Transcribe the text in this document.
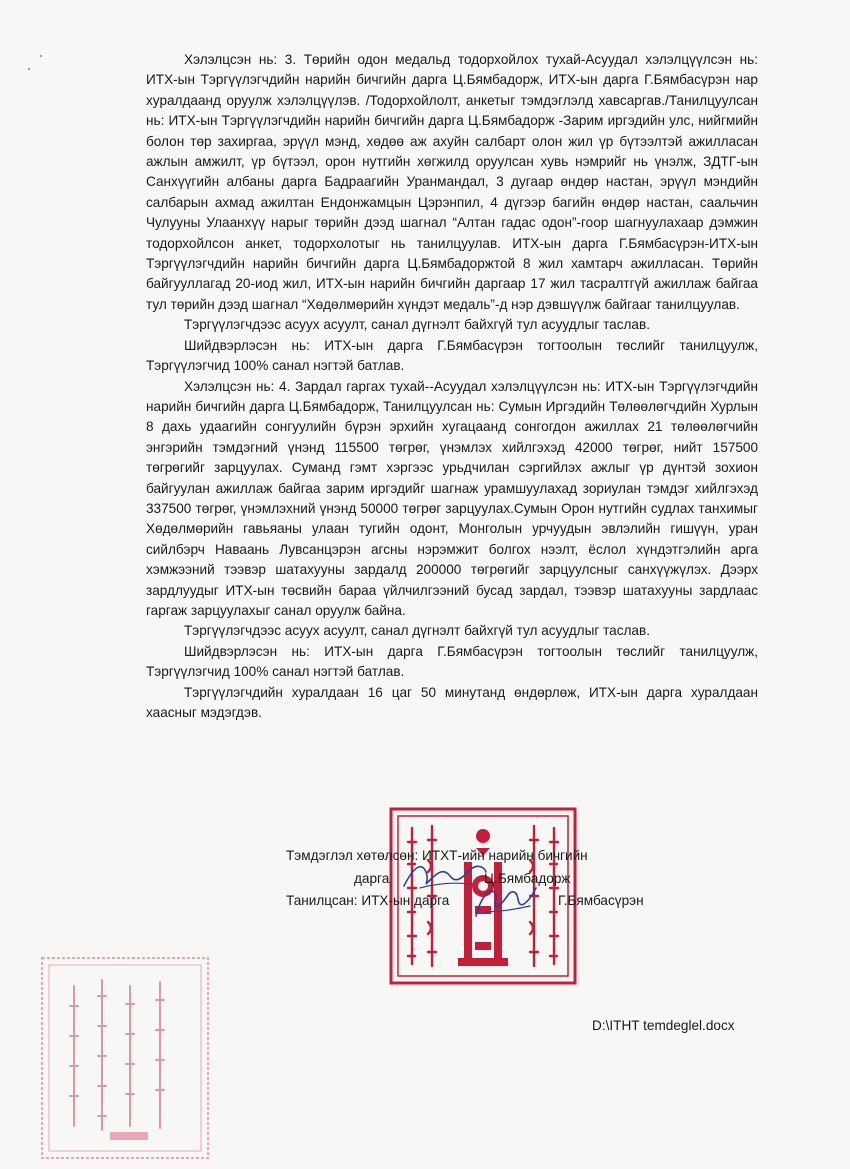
Хэлэлцсэн нь: 3. Төрийн одон медальд тодорхойлох тухай-Асуудал хэлэлцүүлсэн нь: ИТХ-ын Тэргүүлэгчдийн нарийн бичгийн дарга Ц.Бямбадорж, ИТХ-ын дарга Г.Бямбасүрэн нар хуралдаанд оруулж хэлэлцүүлэв. /Тодорхойлолт, анкетыг тэмдэглэлд хавсаргав./Танилцуулсан нь: ИТХ-ын Тэргүүлэгчдийн нарийн бичгийн дарга Ц.Бямбадорж -Зарим иргэдийн улс, нийгмийн болон төр захиргаа, эрүүл мэнд, хөдөө аж ахуйн салбарт олон жил үр бүтээлтэй ажилласан ажлын амжилт, үр бүтээл, орон нутгийн хөгжилд оруулсан хувь нэмрийг нь үнэлж, ЗДТГ-ын Санхүүгийн албаны дарга Бадраагийн Уранмандал, 3 дугаар өндөр настан, эрүүл мэндийн салбарын ахмад ажилтан Ендонжамцын Цэрэнпил, 4 дүгээр багийн өндөр настан, саальчин Чулууны Улаанхүү нарыг төрийн дээд шагнал “Алтан гадас одон”-гоор шагнуулахаар дэмжин тодорхойлсон анкет, тодорхолотыг нь танилцуулав. ИТХ-ын дарга Г.Бямбасүрэн-ИТХ-ын Тэргүүлэгчдийн нарийн бичгийн дарга Ц.Бямбадоржтой 8 жил хамтарч ажилласан. Төрийн байгууллагад 20-иод жил, ИТХ-ын нарийн бичгийн даргаар 17 жил тасралтгүй ажиллаж байгаа тул төрийн дээд шагнал “Хөдөлмөрийн хүндэт медаль”-д нэр дэвшүүлж байгааг танилцуулав.

Тэргүүлэгчдээс асуух асуулт, санал дүгнэлт байхгүй тул асуудлыг таслав.

Шийдвэрлэсэн нь: ИТХ-ын дарга Г.Бямбасүрэн тогтоолын төслийг танилцуулж, Тэргүүлэгчид 100% санал нэгтэй батлав.

Хэлэлцсэн нь: 4. Зардал гаргах тухай--Асуудал хэлэлцүүлсэн нь: ИТХ-ын Тэргүүлэгчдийн нарийн бичгийн дарга Ц.Бямбадорж, Танилцуулсан нь: Сумын Иргэдийн Төлөөлөгчдийн Хурлын 8 дахь удаагийн сонгуулийн бүрэн эрхийн хугацаанд сонгогдон ажиллах 21 төлөөлөгчийн энгэрийн тэмдэгний үнэнд 115500 төгрөг, үнэмлэх хийлгэхэд 42000 төгрөг, нийт 157500 төгрөгийг зарцуулах. Суманд гэмт хэргээс урьдчилан сэргийлэх ажлыг үр дүнтэй зохион байгуулан ажиллаж байгаа зарим иргэдийг шагнаж урамшуулахад зориулан тэмдэг хийлгэхэд 337500 төгрөг, үнэмлэхний үнэнд 50000 төгрөг зарцуулах.Сумын Орон нутгийн судлах танхимыг Хөдөлмөрийн гавьяаны улаан тугийн одонт, Монголын урчуудын эвлэлийн гишүүн, уран сийлбэрч Наваань Лувсанцэрэн агсны нэрэмжит болгох нээлт, ёслол хүндэтгэлийн арга хэмжээний тээвэр шатахууны зардалд 200000 төгрөгийг зарцуулсныг санхүүжүлэх. Дээрх зардлуудыг ИТХ-ын төсвийн бараа үйлчилгээний бусад зардал, тээвэр шатахууны зардлаас гаргаж зарцуулахыг санал оруулж байна.

Тэргүүлэгчдээс асуух асуулт, санал дүгнэлт байхгүй тул асуудлыг таслав.

Шийдвэрлэсэн нь: ИТХ-ын дарга Г.Бямбасүрэн тогтоолын төслийг танилцуулж, Тэргүүлэгчид 100% санал нэгтэй батлав.

Тэргүүлэгчдийн хуралдаан 16 цаг 50 минутанд өндөрлөж, ИТХ-ын дарга хуралдаан хаасныг мэдэгдэв.

Тэмдэглэл хөтөлсөн: ИТХТ-ийн нарийн бичгийн
дарга	Ц.Бямбадорж
Танилцсан: ИТХ-ын дарга	Г.Бямбасүрэн
D:\ITHT temdeglel.docx
